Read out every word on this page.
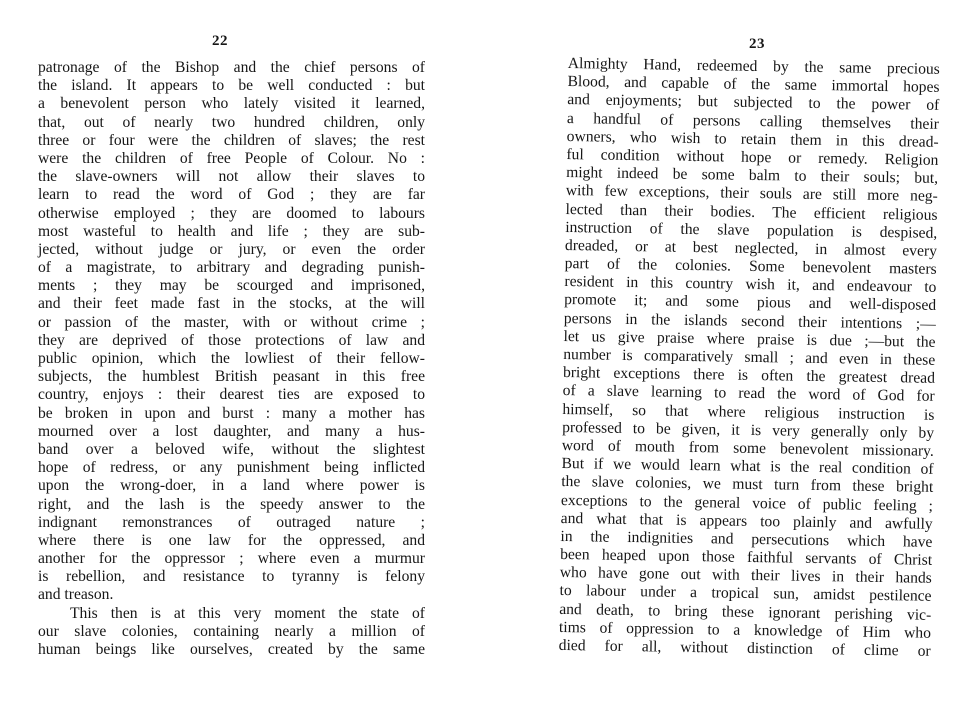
22
patronage of the Bishop and the chief persons of
the island. It appears to be well conducted : but
a benevolent person who lately visited it learned,
that, out of nearly two hundred children, only
three or four were the children of slaves; the rest
were the children of free People of Colour. No :
the slave-owners will not allow their slaves to
learn to read the word of God ; they are far
otherwise employed ; they are doomed to labours
most wasteful to health and life ; they are sub-
jected, without judge or jury, or even the order
of a magistrate, to arbitrary and degrading punish-
ments ; they may be scourged and imprisoned,
and their feet made fast in the stocks, at the will
or passion of the master, with or without crime ;
they are deprived of those protections of law and
public opinion, which the lowliest of their fellow-
subjects, the humblest British peasant in this free
country, enjoys : their dearest ties are exposed to
be broken in upon and burst : many a mother has
mourned over a lost daughter, and many a hus-
band over a beloved wife, without the slightest
hope of redress, or any punishment being inflicted
upon the wrong-doer, in a land where power is
right, and the lash is the speedy answer to the
indignant remonstrances of outraged nature ;
where there is one law for the oppressed, and
another for the oppressor ; where even a murmur
is rebellion, and resistance to tyranny is felony
and treason.
This then is at this very moment the state of
our slave colonies, containing nearly a million of
human beings like ourselves, created by the same
23
Almighty Hand, redeemed by the same precious
Blood, and capable of the same immortal hopes
and enjoyments; but subjected to the power of
a handful of persons calling themselves their
owners, who wish to retain them in this dread-
ful condition without hope or remedy. Religion
might indeed be some balm to their souls; but,
with few exceptions, their souls are still more neg-
lected than their bodies. The efficient religious
instruction of the slave population is despised,
dreaded, or at best neglected, in almost every
part of the colonies. Some benevolent masters
resident in this country wish it, and endeavour to
promote it; and some pious and well-disposed
persons in the islands second their intentions ;—
let us give praise where praise is due ;—but the
number is comparatively small ; and even in these
bright exceptions there is often the greatest dread
of a slave learning to read the word of God for
himself, so that where religious instruction is
professed to be given, it is very generally only by
word of mouth from some benevolent missionary.
But if we would learn what is the real condition of
the slave colonies, we must turn from these bright
exceptions to the general voice of public feeling ;
and what that is appears too plainly and awfully
in the indignities and persecutions which have
been heaped upon those faithful servants of Christ
who have gone out with their lives in their hands
to labour under a tropical sun, amidst pestilence
and death, to bring these ignorant perishing vic-
tims of oppression to a knowledge of Him who
died for all, without distinction of clime or
